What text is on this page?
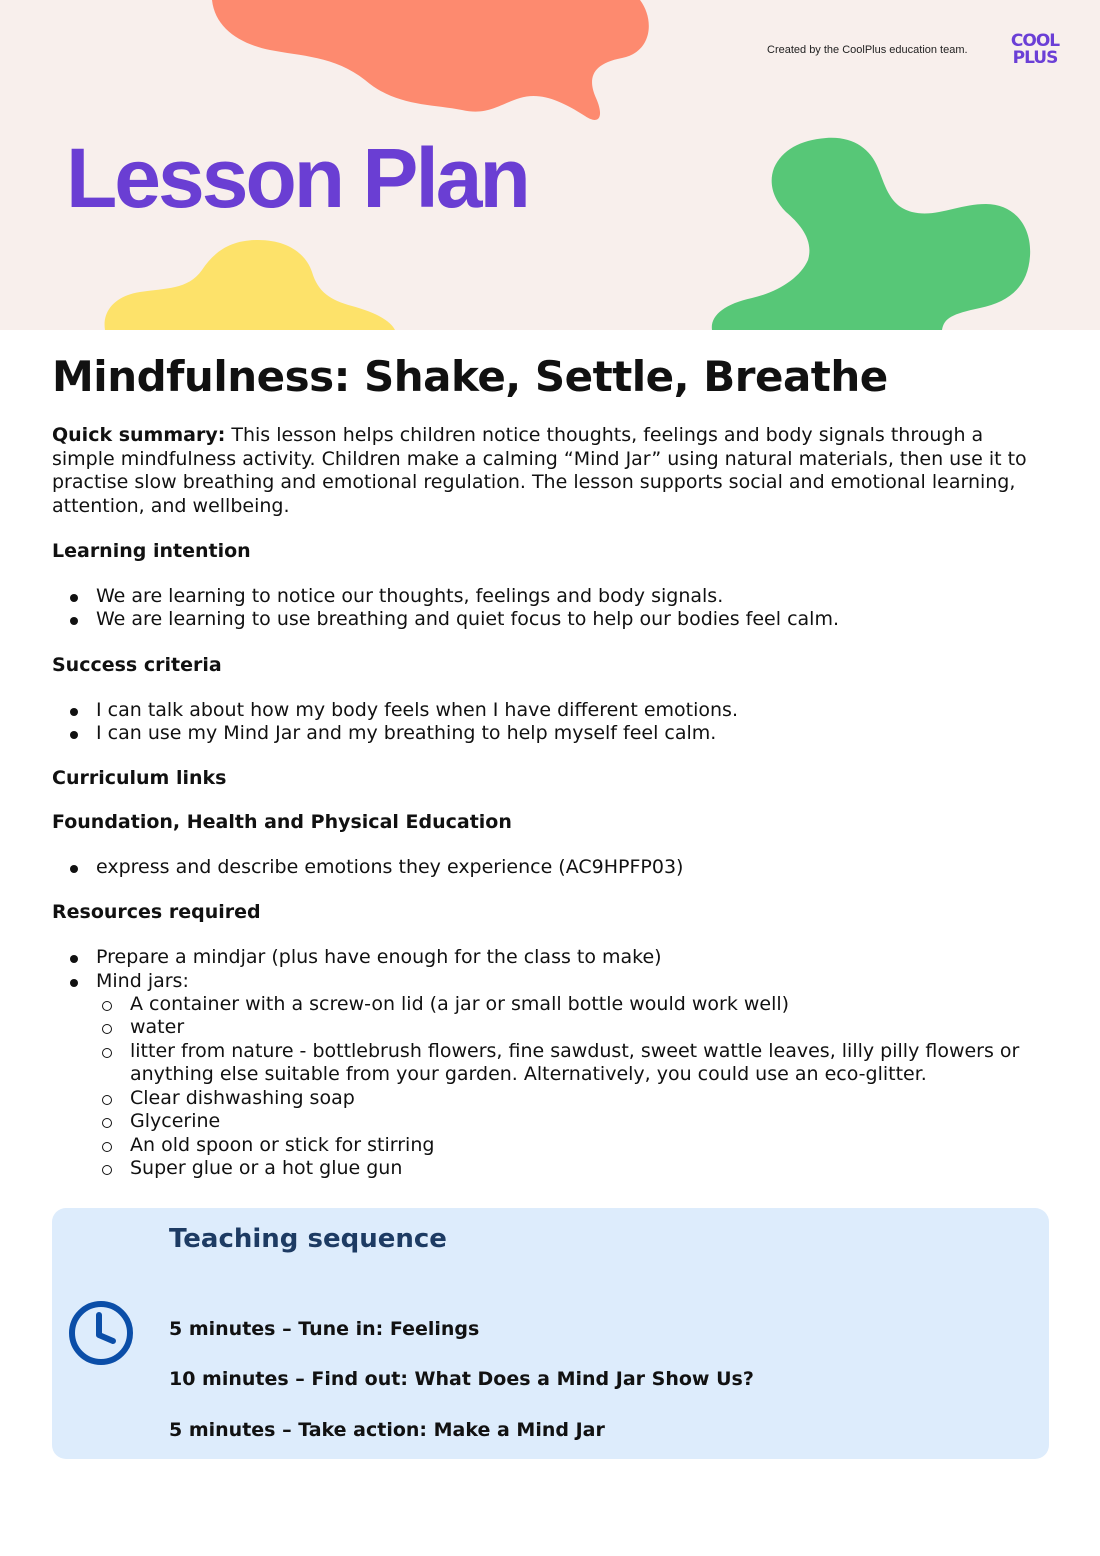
Created by the CoolPlus education team.	COOL
PLUS
Lesson Plan
Mindfulness: Shake, Settle, Breathe

Quick summary: This lesson helps children notice thoughts, feelings and body signals through a simple mindfulness activity. Children make a calming “Mind Jar” using natural materials, then use it to practise slow breathing and emotional regulation. The lesson supports social and emotional learning, attention, and wellbeing.

Learning intention
We are learning to notice our thoughts, feelings and body signals.
We are learning to use breathing and quiet focus to help our bodies feel calm.
Success criteria
I can talk about how my body feels when I have different emotions.
I can use my Mind Jar and my breathing to help myself feel calm.
Curriculum links
Foundation, Health and Physical Education
express and describe emotions they experience (AC9HPFP03)
Resources required
Prepare a mindjar (plus have enough for the class to make)
Mind jars:
A container with a screw-on lid (a jar or small bottle would work well)
water
litter from nature - bottlebrush flowers, fine sawdust, sweet wattle leaves, lilly pilly flowers or anything else suitable from your garden. Alternatively, you could use an eco-glitter.
Clear dishwashing soap
Glycerine
An old spoon or stick for stirring
Super glue or a hot glue gun
Teaching sequence
5 minutes – Tune in: Feelings
10 minutes – Find out: What Does a Mind Jar Show Us?
5 minutes – Take action: Make a Mind Jar
